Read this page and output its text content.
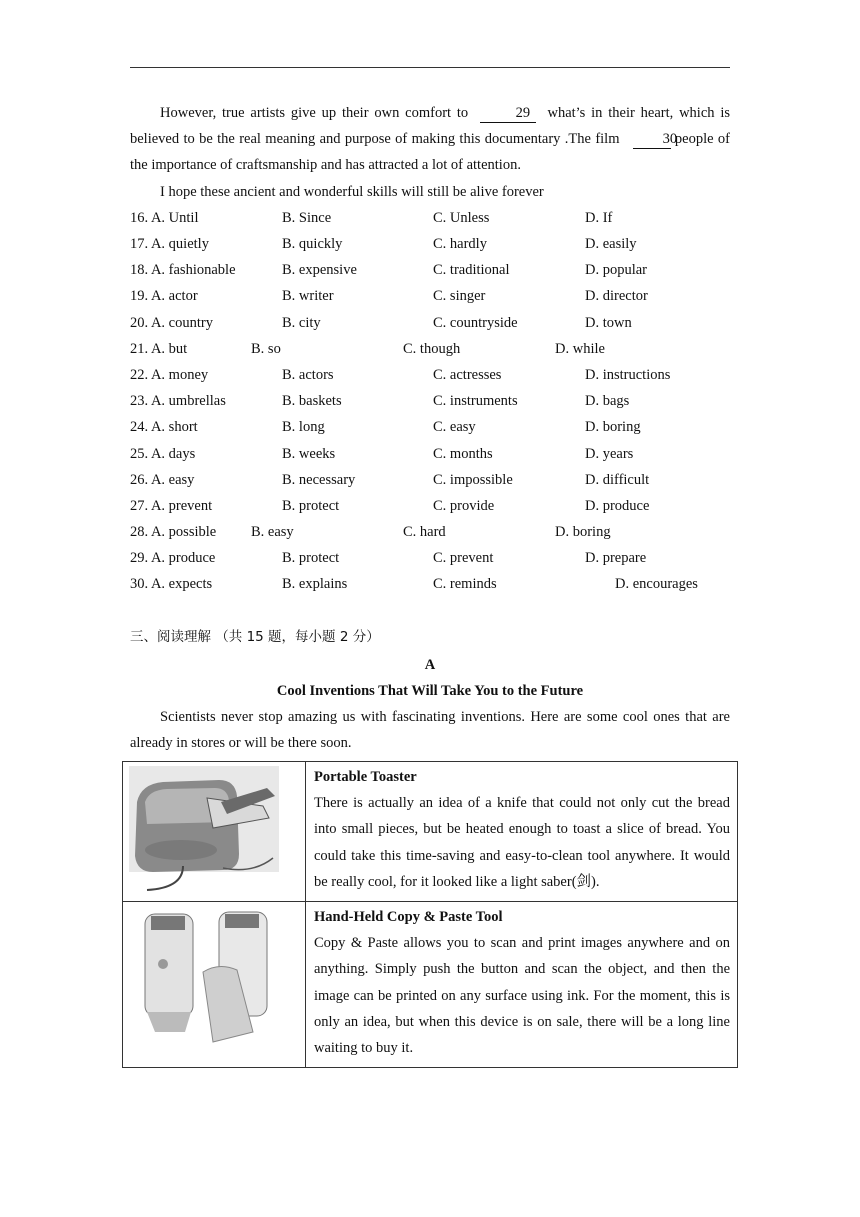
However, true artists give up their own comfort to	29 what’s in their heart, which is believed to be the real meaning and purpose of making this documentary .The film	30 people of the importance of craftsmanship and has attracted a lot of attention.

I hope these ancient and wonderful skills will still be alive forever

16. A. Until	B. Since	C. Unless	D. If
17. A. quietly	B. quickly	C. hardly	D. easily
18. A. fashionable	B. expensive	C. traditional	D. popular
19. A. actor	B. writer	C. singer	D. director
20. A. country	B. city	C. countryside	D. town
21. A. but	B. so	C. though	D. while
22. A. money	B. actors	C. actresses	D. instructions
23. A. umbrellas	B. baskets	C. instruments	D. bags
24. A. short	B. long	C. easy	D. boring
25. A. days	B. weeks	C. months	D. years
26. A. easy	B. necessary	C. impossible	D. difficult
27. A. prevent	B. protect	C. provide	D. produce
28. A. possible B. easy	C. hard	D. boring
29. A. produce	B. protect	C. prevent	D. prepare
30. A. expects	B. explains	C. reminds	D. encourages
三、阅读理解 （共 15 题，每小题 2 分）
A
Cool Inventions That Will Take You to the Future

Scientists never stop amazing us with fascinating inventions. Here are some cool ones that are already in stores or will be there soon.

Portable Toaster
There is actually an idea of a knife that could not only cut the bread into small pieces, but be heated enough to toast a slice of bread. You could take this time-saving and easy-to-clean tool anywhere. It would be really cool, for it looked like a light saber(剑).

Hand-Held Copy & Paste Tool
Copy & Paste allows you to scan and print images anywhere and on anything. Simply push the button and scan the object, and then the image can be printed on any surface using ink. For the moment, this is only an idea, but when this device is on sale, there will be a long line waiting to buy it.
